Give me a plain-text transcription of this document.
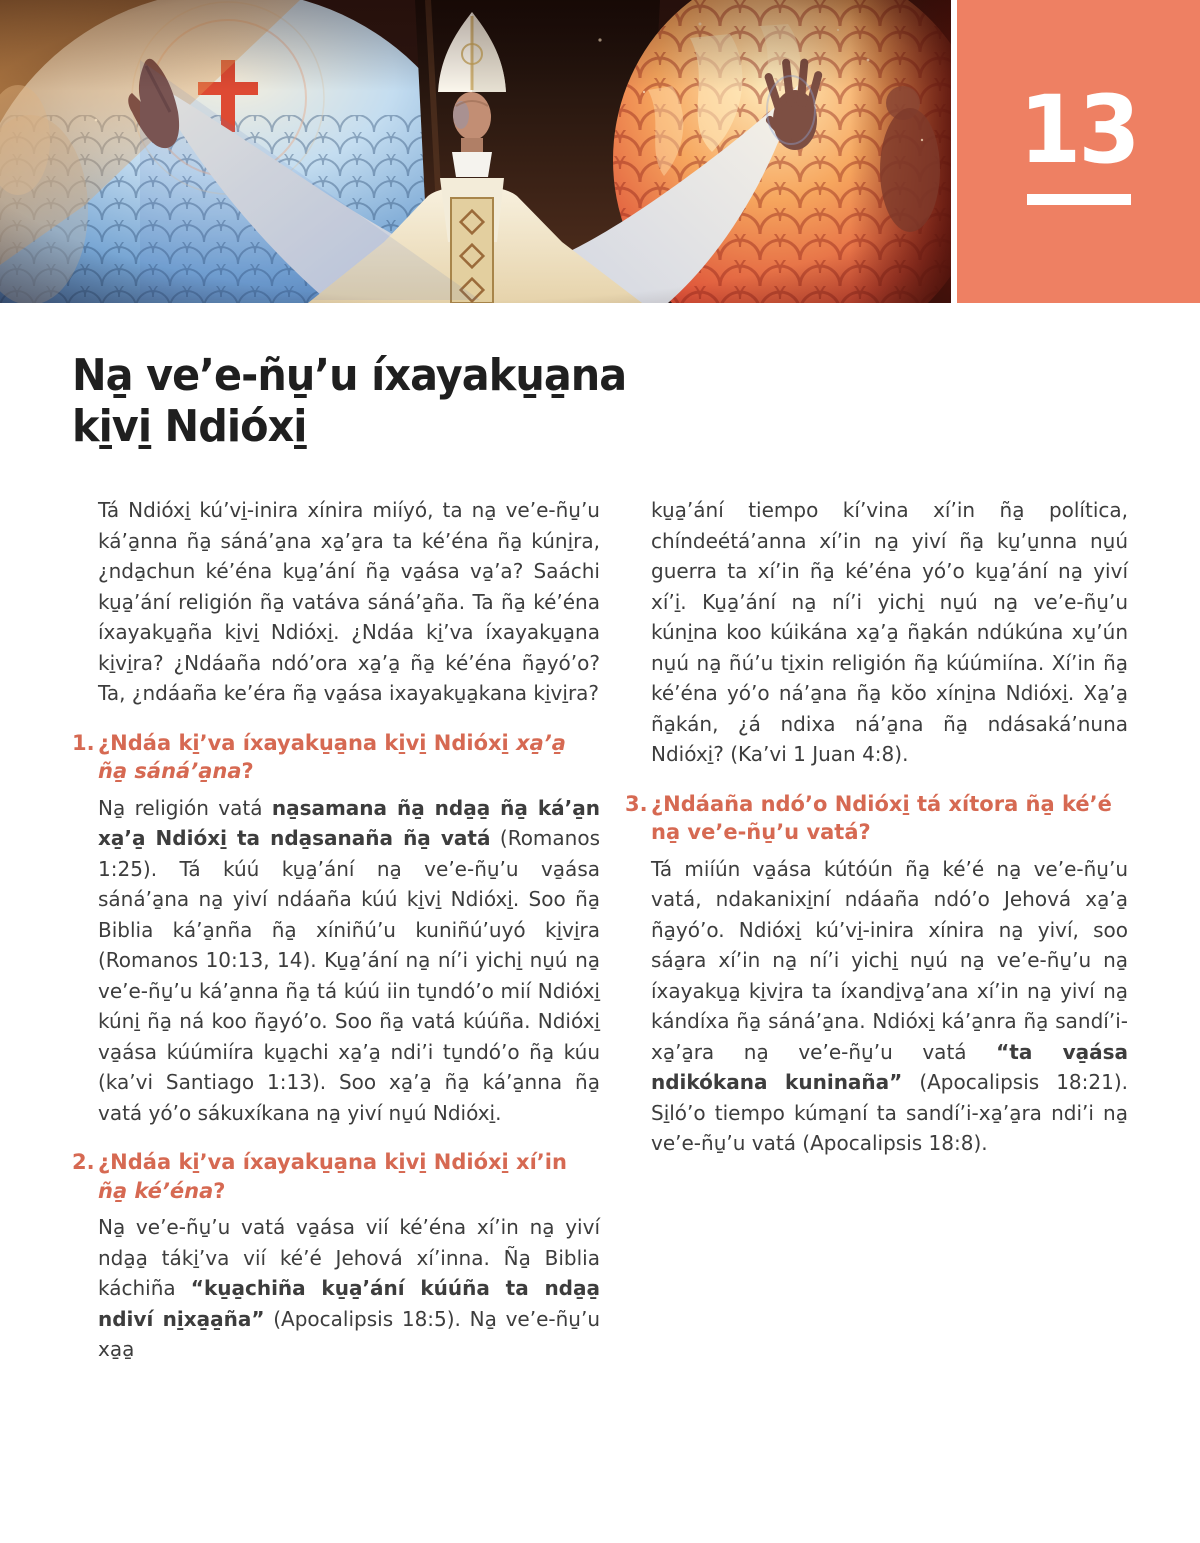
13
Na̱ ve’e-ñu̱’u íxayaku̱a̱na
ki̱vi̱ Ndióxi̱

Tá Ndióxi̱ kú’vi̱-inira xínira miíyó, ta na̱ ve’e-ñu̱’u ká’a̱nna ña̱ sáná’a̱na xa̱’a̱ra ta ké’éna ña̱ kúni̱ra, ¿nda̱chun ké’éna ku̱a̱’ání ña̱ va̱ása va̱’a? Saáchi ku̱a̱’ání religión ña̱ vatáva sáná’a̱ña. Ta ña̱ ké’éna íxayaku̱a̱ña ki̱vi̱ Ndióxi̱. ¿Ndáa ki̱’va íxayaku̱a̱na ki̱vi̱ra? ¿Ndáaña ndó’ora xa̱’a̱ ña̱ ké’éna ña̱yó’o? Ta, ¿ndáaña ke’éra ña̱ va̱ása ixayaku̱a̱kana ki̱vi̱ra?

1. ¿Ndáa ki̱’va íxayaku̱a̱na ki̱vi̱ Ndióxi̱ xa̱’a̱ ña̱ sáná’a̱na?

Na̱ religión vatá na̱samana ña̱ nda̱a̱ ña̱ ká’a̱n xa̱’a̱ Ndióxi̱ ta nda̱sanaña ña̱ vatá (Romanos 1:25). Tá kúú ku̱a̱’ání na̱ ve’e-ñu̱’u va̱ása sáná’a̱na na̱ yiví ndáaña kúú ki̱vi̱ Ndióxi̱. Soo ña̱ Biblia ká’a̱nña ña̱ xíniñú’u kuniñú’uyó ki̱vi̱ra (Romanos 10:13, 14). Ku̱a̱’ání na̱ ní’i yichi̱ nu̱ú na̱ ve’e-ñu̱’u ká’a̱nna ña̱ tá kúú iin tu̱ndó’o mií Ndióxi̱ kúni̱ ña̱ ná koo ña̱yó’o. Soo ña̱ vatá kúúña. Ndióxi̱ va̱ása kúúmiíra ku̱a̱chi xa̱’a̱ ndi’i tu̱ndó’o ña̱ kúu (ka’vi Santiago 1:13). Soo xa̱’a̱ ña̱ ká’a̱nna ña̱ vatá yó’o sákuxíkana na̱ yiví nu̱ú Ndióxi̱.

2. ¿Ndáa ki̱’va íxayaku̱a̱na ki̱vi̱ Ndióxi̱ xí’in ña̱ ké’éna?

Na̱ ve’e-ñu̱’u vatá va̱ása vií ké’éna xí’in na̱ yiví nda̱a̱ táki̱’va vií ké’é Jehová xí’inna. Ña̱ Biblia káchiña “ku̱a̱chiña ku̱a̱’ání kúúña ta nda̱a̱ ndiví ni̱xa̱a̱ña” (Apocalipsis 18:5). Na̱ ve’e-ñu̱’u xa̱a̱

ku̱a̱’ání tiempo kí’vina xí’in ña̱ política, chíndeétá’anna xí’in na̱ yiví ña̱ ku̱’u̱nna nu̱ú guerra ta xí’in ña̱ ké’éna yó’o ku̱a̱’ání na̱ yiví xí’i̱. Ku̱a̱’ání na̱ ní’i yichi̱ nu̱ú na̱ ve’e-ñu̱’u kúni̱na koo kúikána xa̱’a̱ ña̱kán ndúkúna xu̱’ún nu̱ú na̱ ñú’u ti̱xin religión ña̱ kúúmiína. Xí’in ña̱ ké’éna yó’o ná’a̱na ña̱ kŏo xíni̱na Ndióxi̱. Xa̱’a̱ ña̱kán, ¿á ndixa ná’a̱na ña̱ ndásaká’nuna Ndióxi̱? (Ka’vi 1 Juan 4:8).

3. ¿Ndáaña ndó’o Ndióxi̱ tá xítora ña̱ ké’é na̱ ve’e-ñu̱’u vatá?

Tá miíún va̱ása kútóún ña̱ ké’é na̱ ve’e-ñu̱’u vatá, ndakanixi̱ní ndáaña ndó’o Jehová xa̱’a̱ ña̱yó’o. Ndióxi̱ kú’vi̱-inira xínira na̱ yiví, soo sáa̱ra xí’in na̱ ní’i yichi̱ nu̱ú na̱ ve’e-ñu̱’u na̱ íxayaku̱a̱ ki̱vi̱ra ta íxandi̱va̱’ana xí’in na̱ yiví na̱ kándíxa ña̱ sáná’a̱na. Ndióxi̱ ká’a̱nra ña̱ sandí’i-xa̱’a̱ra na̱ ve’e-ñu̱’u vatá “ta va̱ása ndikókana kuninaña” (Apocalipsis 18:21). Si̱ló’o tiempo kúma̱ní ta sandí’i-xa̱’a̱ra ndi’i na̱ ve’e-ñu̱’u vatá (Apocalipsis 18:8).
